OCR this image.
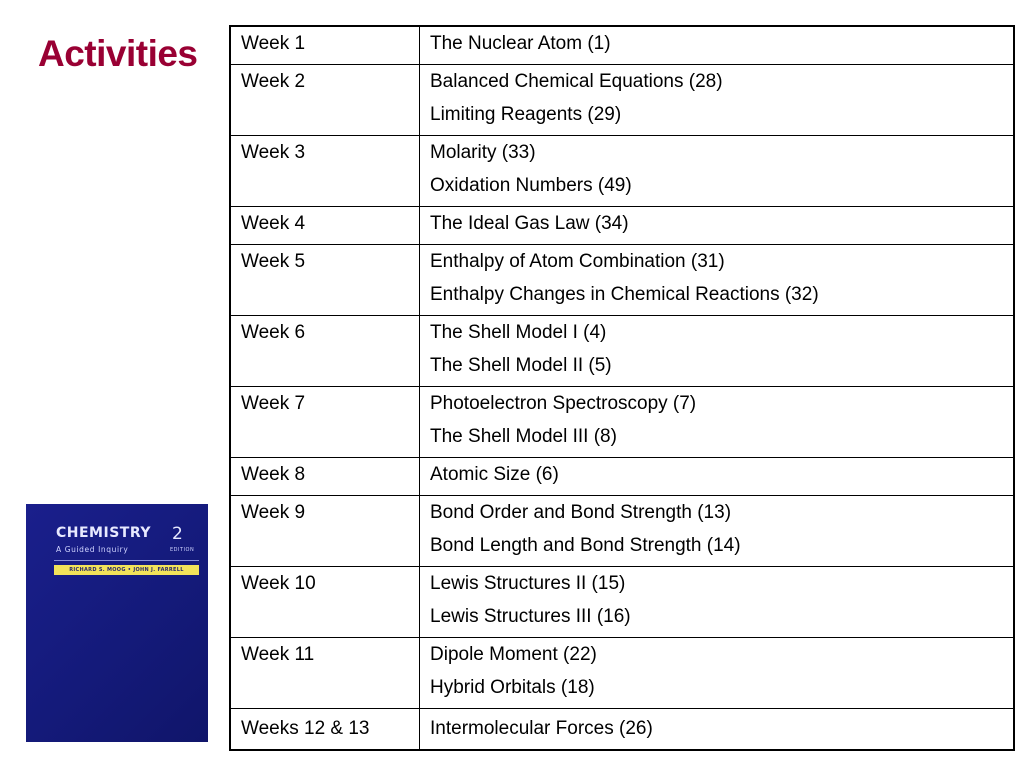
Activities
CHEMISTRY 2
A Guided Inquiry	EDITION
RICHARD S. MOOG • JOHN J. FARRELL
Week 1	The Nuclear Atom (1)

Week 2	Balanced Chemical Equations (28)
Limiting Reagents (29)

Week 3	Molarity (33)
Oxidation Numbers (49)

Week 4	The Ideal Gas Law (34)

Week 5	Enthalpy of Atom Combination (31)
Enthalpy Changes in Chemical Reactions (32)

Week 6	The Shell Model I (4)
The Shell Model II (5)

Week 7	Photoelectron Spectroscopy (7)
The Shell Model III (8)

Week 8	Atomic Size (6)

Week 9	Bond Order and Bond Strength (13)
Bond Length and Bond Strength (14)

Week 10	Lewis Structures II (15)
Lewis Structures III (16)

Week 11	Dipole Moment (22)
Hybrid Orbitals (18)

Weeks 12 & 13	Intermolecular Forces (26)
